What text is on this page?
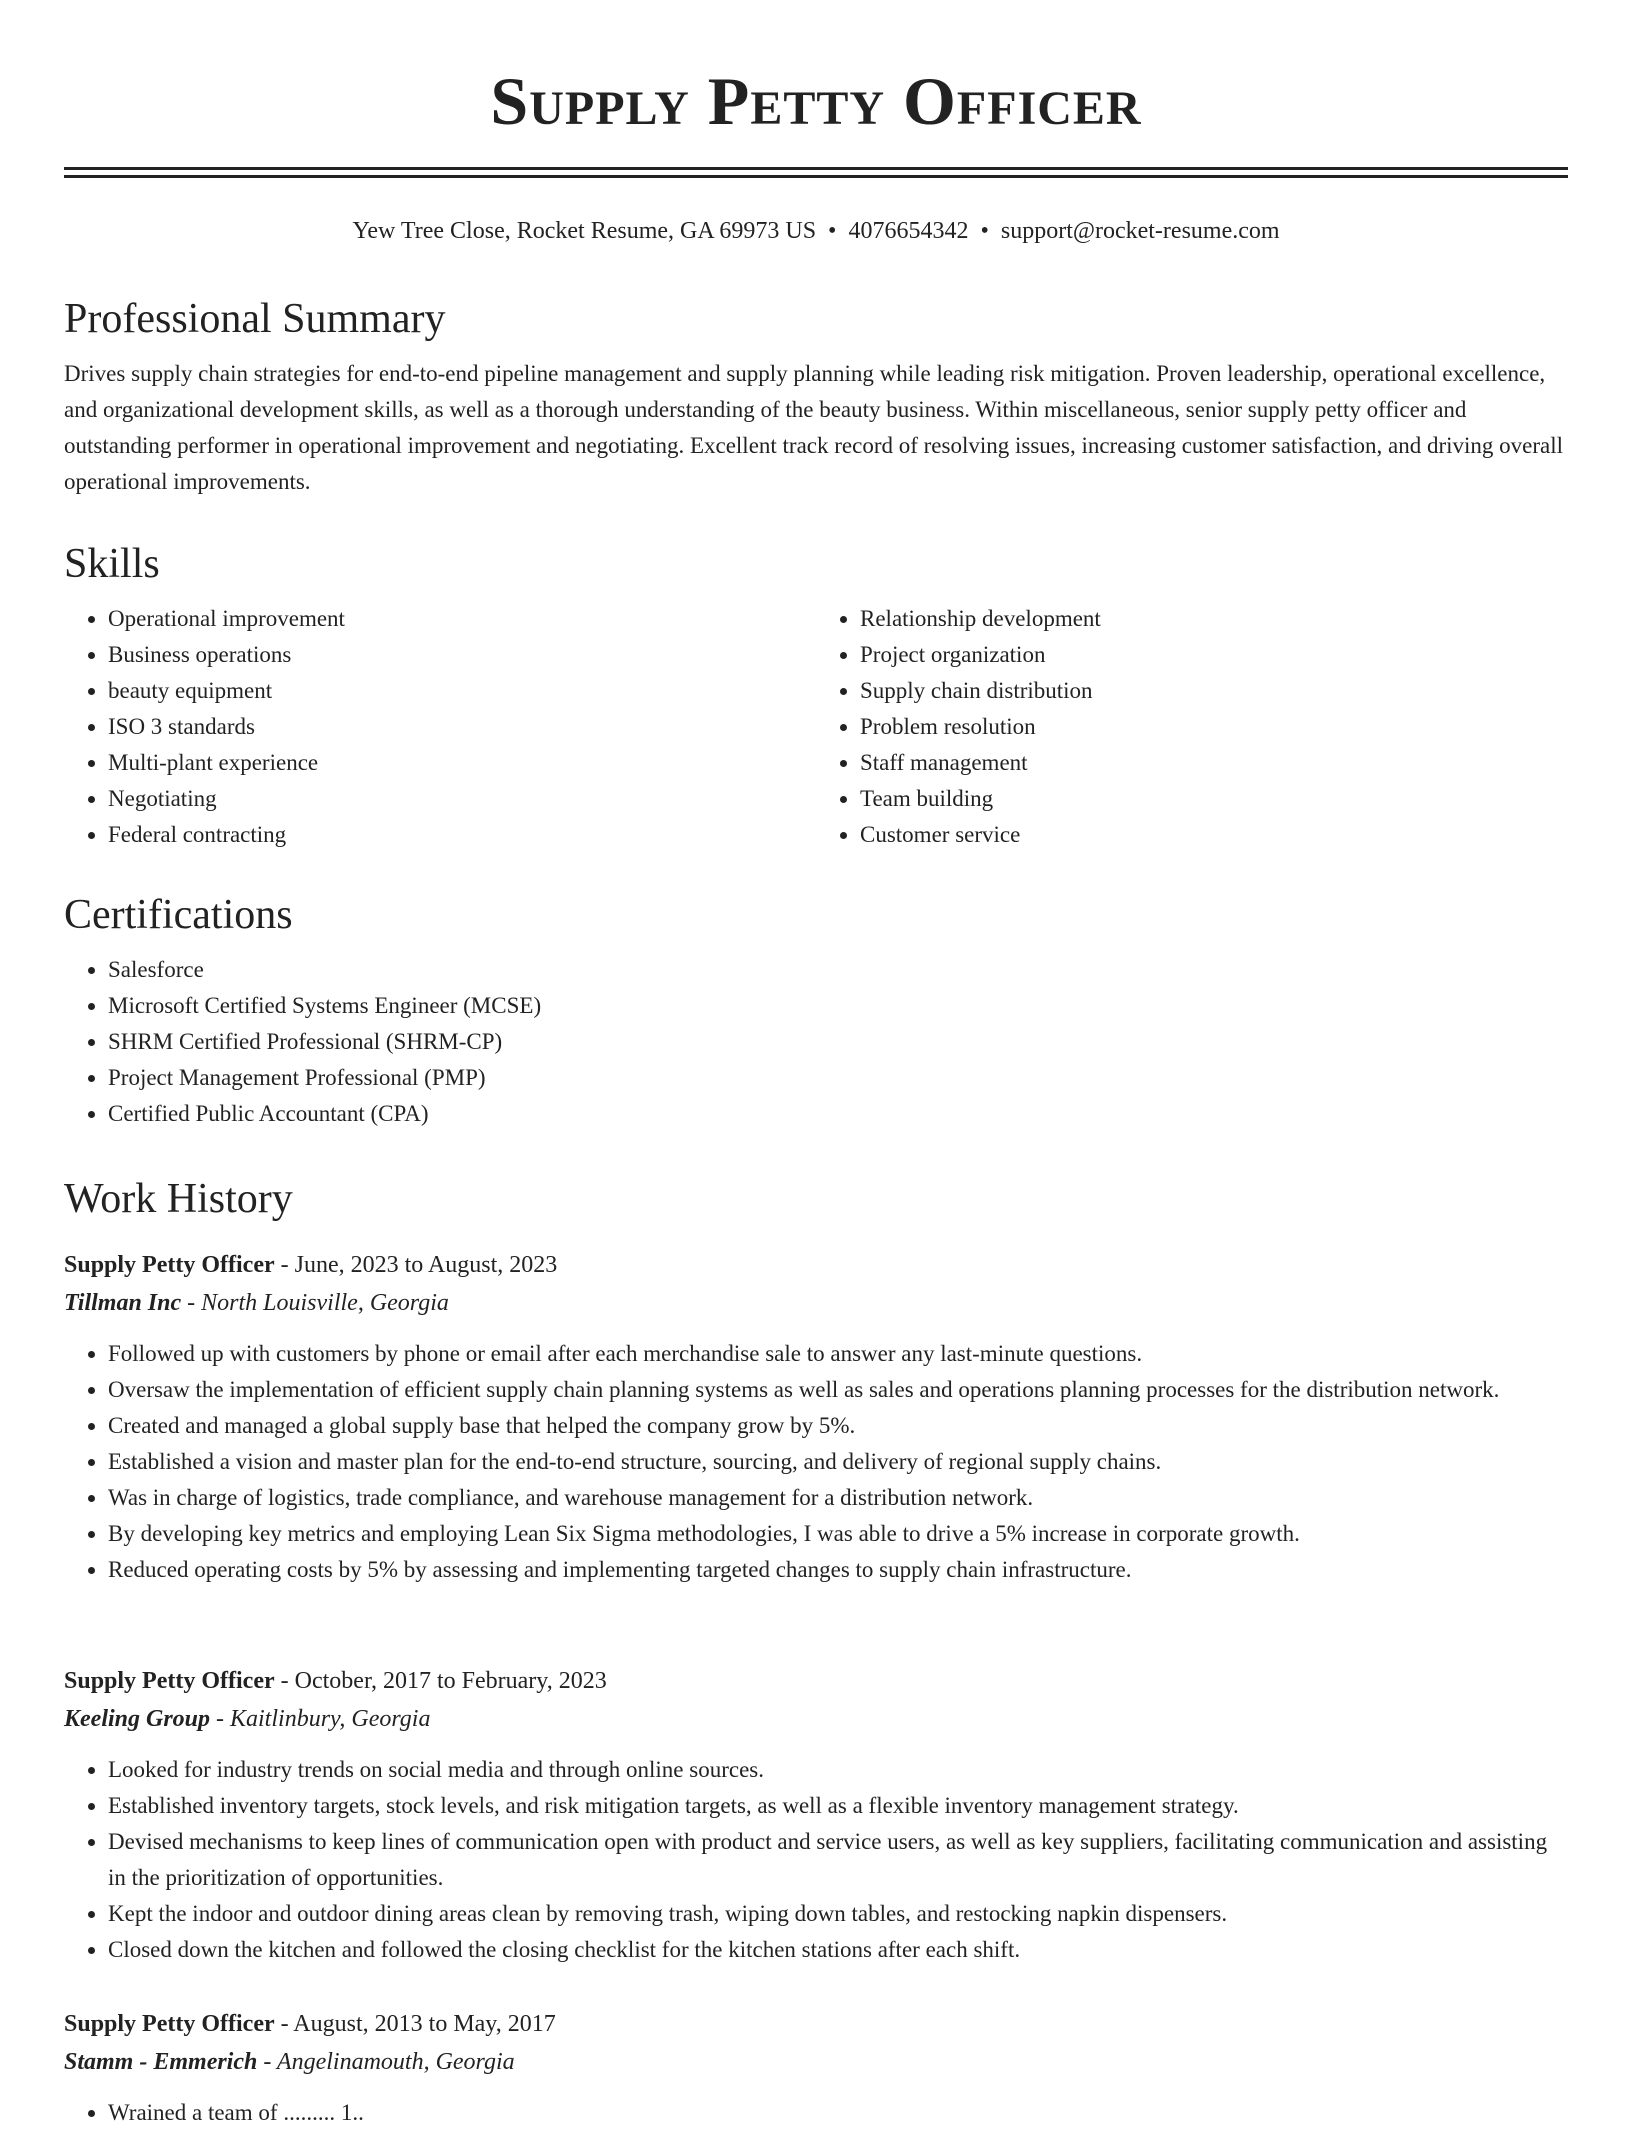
Supply Petty Officer
Yew Tree Close, Rocket Resume, GA 69973 US • 4076654342 • support@rocket-resume.com
Professional Summary

Drives supply chain strategies for end-to-end pipeline management and supply planning while leading risk mitigation. Proven leadership, operational excellence, and organizational development skills, as well as a thorough understanding of the beauty business. Within miscellaneous, senior supply petty officer and outstanding performer in operational improvement and negotiating. Excellent track record of resolving issues, increasing customer satisfaction, and driving overall operational improvements.

Skills
• Operational improvement
• Business operations
• beauty equipment
• ISO 3 standards
• Multi-plant experience
• Negotiating
• Federal contracting
• Relationship development
• Project organization
• Supply chain distribution
• Problem resolution
• Staff management
• Team building
• Customer service
Certifications
• Salesforce
• Microsoft Certified Systems Engineer (MCSE)
• SHRM Certified Professional (SHRM-CP)
• Project Management Professional (PMP)
• Certified Public Accountant (CPA)
Work History
Supply Petty Officer - June, 2023 to August, 2023
Tillman Inc - North Louisville, Georgia
• Followed up with customers by phone or email after each merchandise sale to answer any last-minute questions.
• Oversaw the implementation of efficient supply chain planning systems as well as sales and operations planning processes for the distribution network.
• Created and managed a global supply base that helped the company grow by 5%.
• Established a vision and master plan for the end-to-end structure, sourcing, and delivery of regional supply chains.
• Was in charge of logistics, trade compliance, and warehouse management for a distribution network.
• By developing key metrics and employing Lean Six Sigma methodologies, I was able to drive a 5% increase in corporate growth.
• Reduced operating costs by 5% by assessing and implementing targeted changes to supply chain infrastructure.
Supply Petty Officer - October, 2017 to February, 2023
Keeling Group - Kaitlinbury, Georgia
• Looked for industry trends on social media and through online sources.
• Established inventory targets, stock levels, and risk mitigation targets, as well as a flexible inventory management strategy.
• Devised mechanisms to keep lines of communication open with product and service users, as well as key suppliers, facilitating communication and assisting in the prioritization of opportunities.
• Kept the indoor and outdoor dining areas clean by removing trash, wiping down tables, and restocking napkin dispensers.
• Closed down the kitchen and followed the closing checklist for the kitchen stations after each shift.
Supply Petty Officer - August, 2013 to May, 2017
Stamm - Emmerich - Angelinamouth, Georgia
• Wrained a team of ......... 1..
